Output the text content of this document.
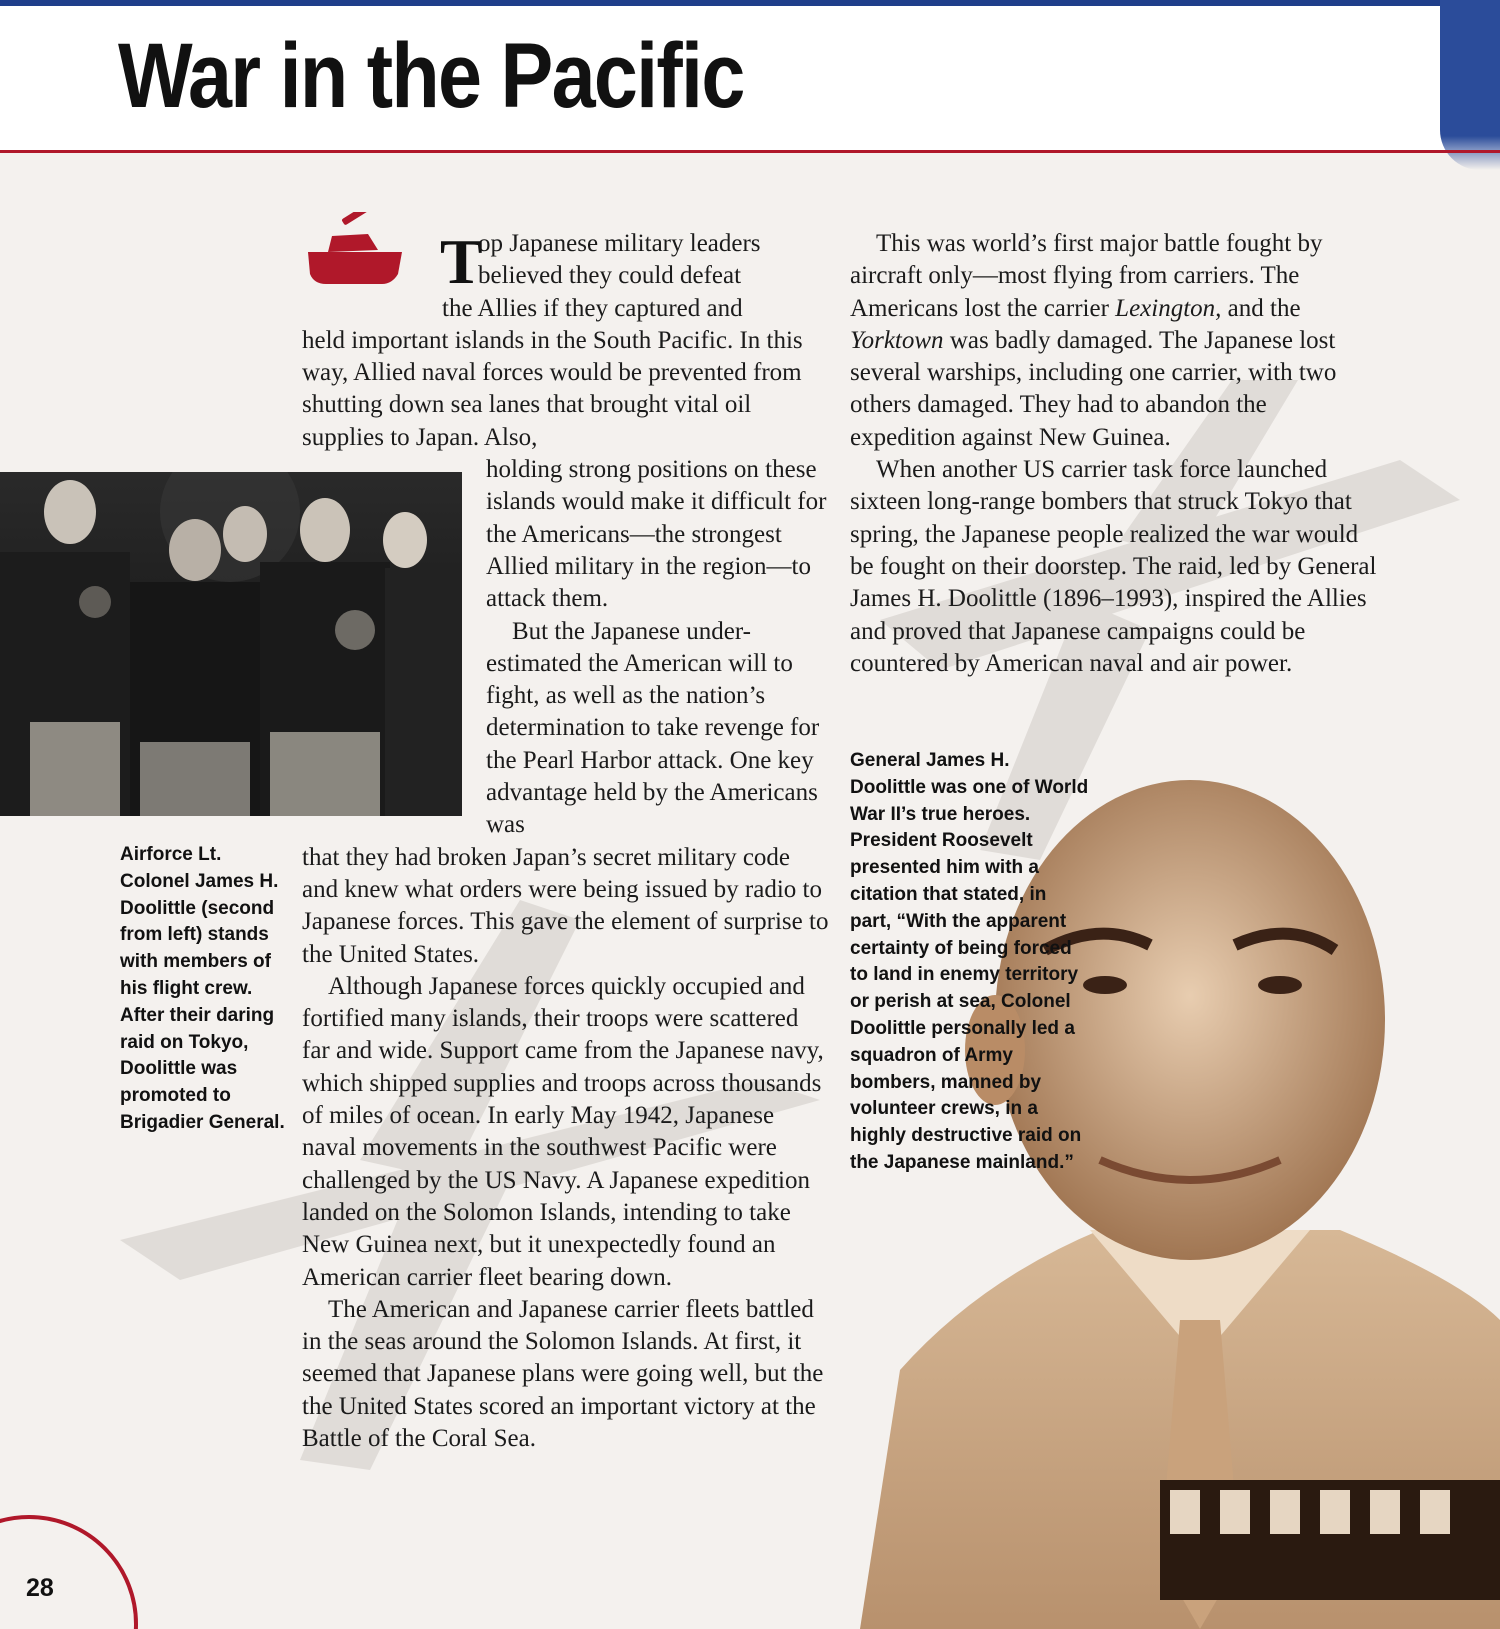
War in the Pacific
T

op Japanese military leaders

believed they could defeat

the Allies if they captured and

held important islands in the South Pacific. In this way, Allied naval forces would be prevented from shutting down sea lanes that brought vital oil supplies to Japan. Also,

holding strong positions on these islands would make it difficult for the Americans—the strongest Allied military in the region—to attack them.

But the Japanese under-estimated the American will to fight, as well as the nation’s determination to take revenge for the Pearl Harbor attack. One key advantage held by the Americans was

that they had broken Japan’s secret military code and knew what orders were being issued by radio to Japanese forces. This gave the element of surprise to the United States.

Although Japanese forces quickly occupied and fortified many islands, their troops were scattered far and wide. Support came from the Japanese navy, which shipped supplies and troops across thousands of miles of ocean. In early May 1942, Japanese naval movements in the southwest Pacific were challenged by the US Navy. A Japanese expedition landed on the Solomon Islands, intending to take New Guinea next, but it unexpectedly found an American carrier fleet bearing down.

The American and Japanese carrier fleets battled in the seas around the Solomon Islands. At first, it seemed that Japanese plans were going well, but the the United States scored an important victory at the Battle of the Coral Sea.

This was world’s first major battle fought by aircraft only—most flying from carriers. The Americans lost the carrier Lexington, and the Yorktown was badly damaged. The Japanese lost several warships, including one carrier, with two others damaged. They had to abandon the expedition against New Guinea.

When another US carrier task force launched sixteen long-range bombers that struck Tokyo that spring, the Japanese people realized the war would be fought on their doorstep. The raid, led by General James H. Doolittle (1896–1993), inspired the Allies and proved that Japanese campaigns could be countered by American naval and air power.

Airforce Lt. Colonel James H. Doolittle (second from left) stands with members of his flight crew. After their daring raid on Tokyo, Doolittle was promoted to Brigadier General.
General James H. Doolittle was one of World War II’s true heroes. President Roosevelt presented him with a citation that stated, in part, “With the apparent certainty of being forced to land in enemy territory or perish at sea, Colonel Doolittle personally led a squadron of Army bombers, manned by volunteer crews, in a highly destructive raid on the Japanese mainland.”
28
